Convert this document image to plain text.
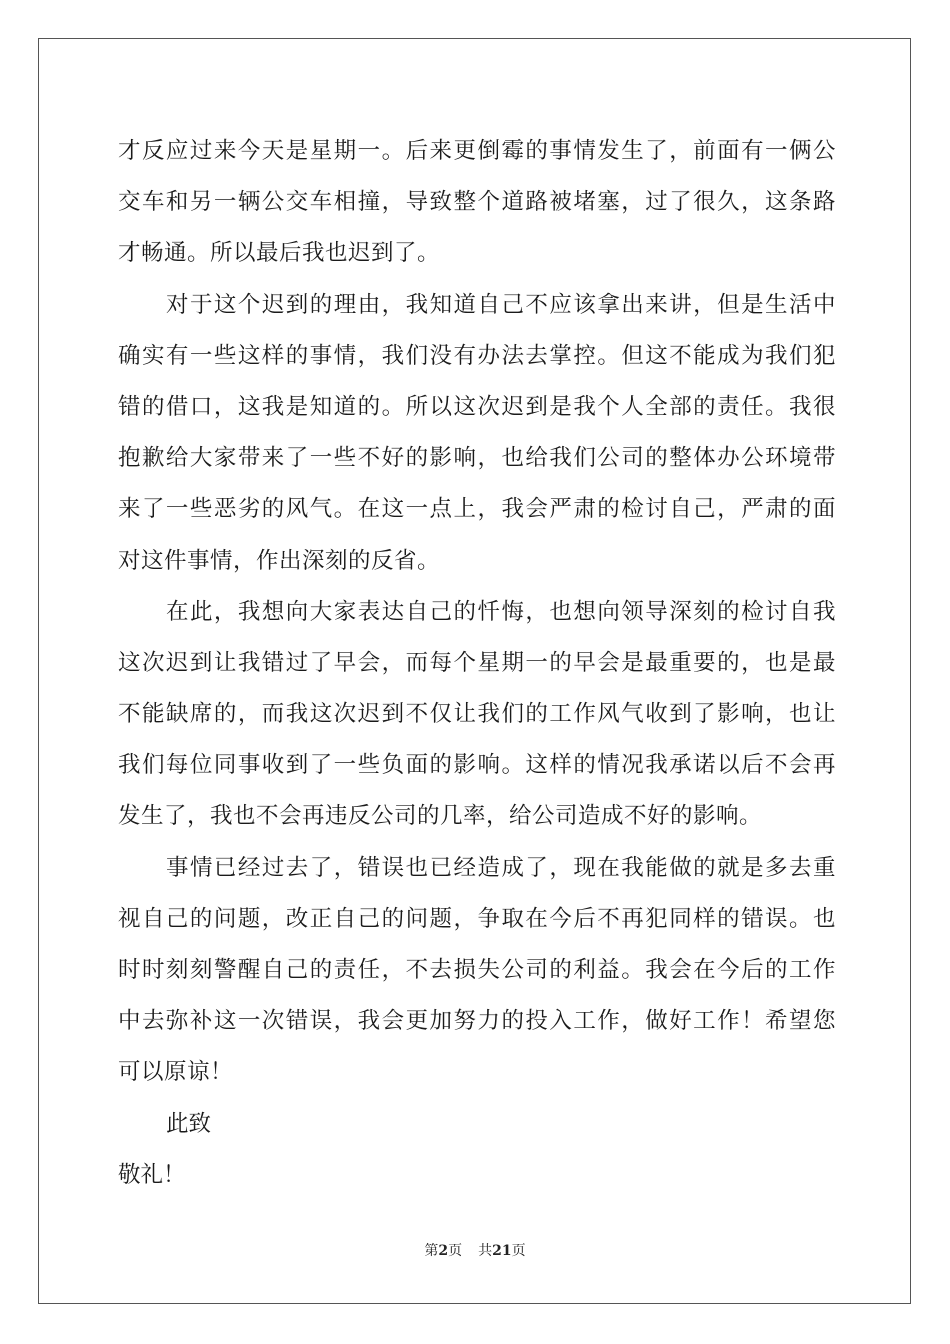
才反应过来今天是星期一。后来更倒霉的事情发生了，前面有一俩公
交车和另一辆公交车相撞，导致整个道路被堵塞，过了很久，这条路
才畅通。所以最后我也迟到了。
对于这个迟到的理由，我知道自己不应该拿出来讲，但是生活中
确实有一些这样的事情，我们没有办法去掌控。但这不能成为我们犯
错的借口，这我是知道的。所以这次迟到是我个人全部的责任。我很
抱歉给大家带来了一些不好的影响，也给我们公司的整体办公环境带
来了一些恶劣的风气。在这一点上，我会严肃的检讨自己，严肃的面
对这件事情，作出深刻的反省。
在此，我想向大家表达自己的忏悔，也想向领导深刻的检讨自我
这次迟到让我错过了早会，而每个星期一的早会是最重要的，也是最
不能缺席的，而我这次迟到不仅让我们的工作风气收到了影响，也让
我们每位同事收到了一些负面的影响。这样的情况我承诺以后不会再
发生了，我也不会再违反公司的几率，给公司造成不好的影响。
事情已经过去了，错误也已经造成了，现在我能做的就是多去重
视自己的问题，改正自己的问题，争取在今后不再犯同样的错误。也
时时刻刻警醒自己的责任，不去损失公司的利益。我会在今后的工作
中去弥补这一次错误，我会更加努力的投入工作，做好工作！希望您
可以原谅！
此致
敬礼！
第2页 共21页
